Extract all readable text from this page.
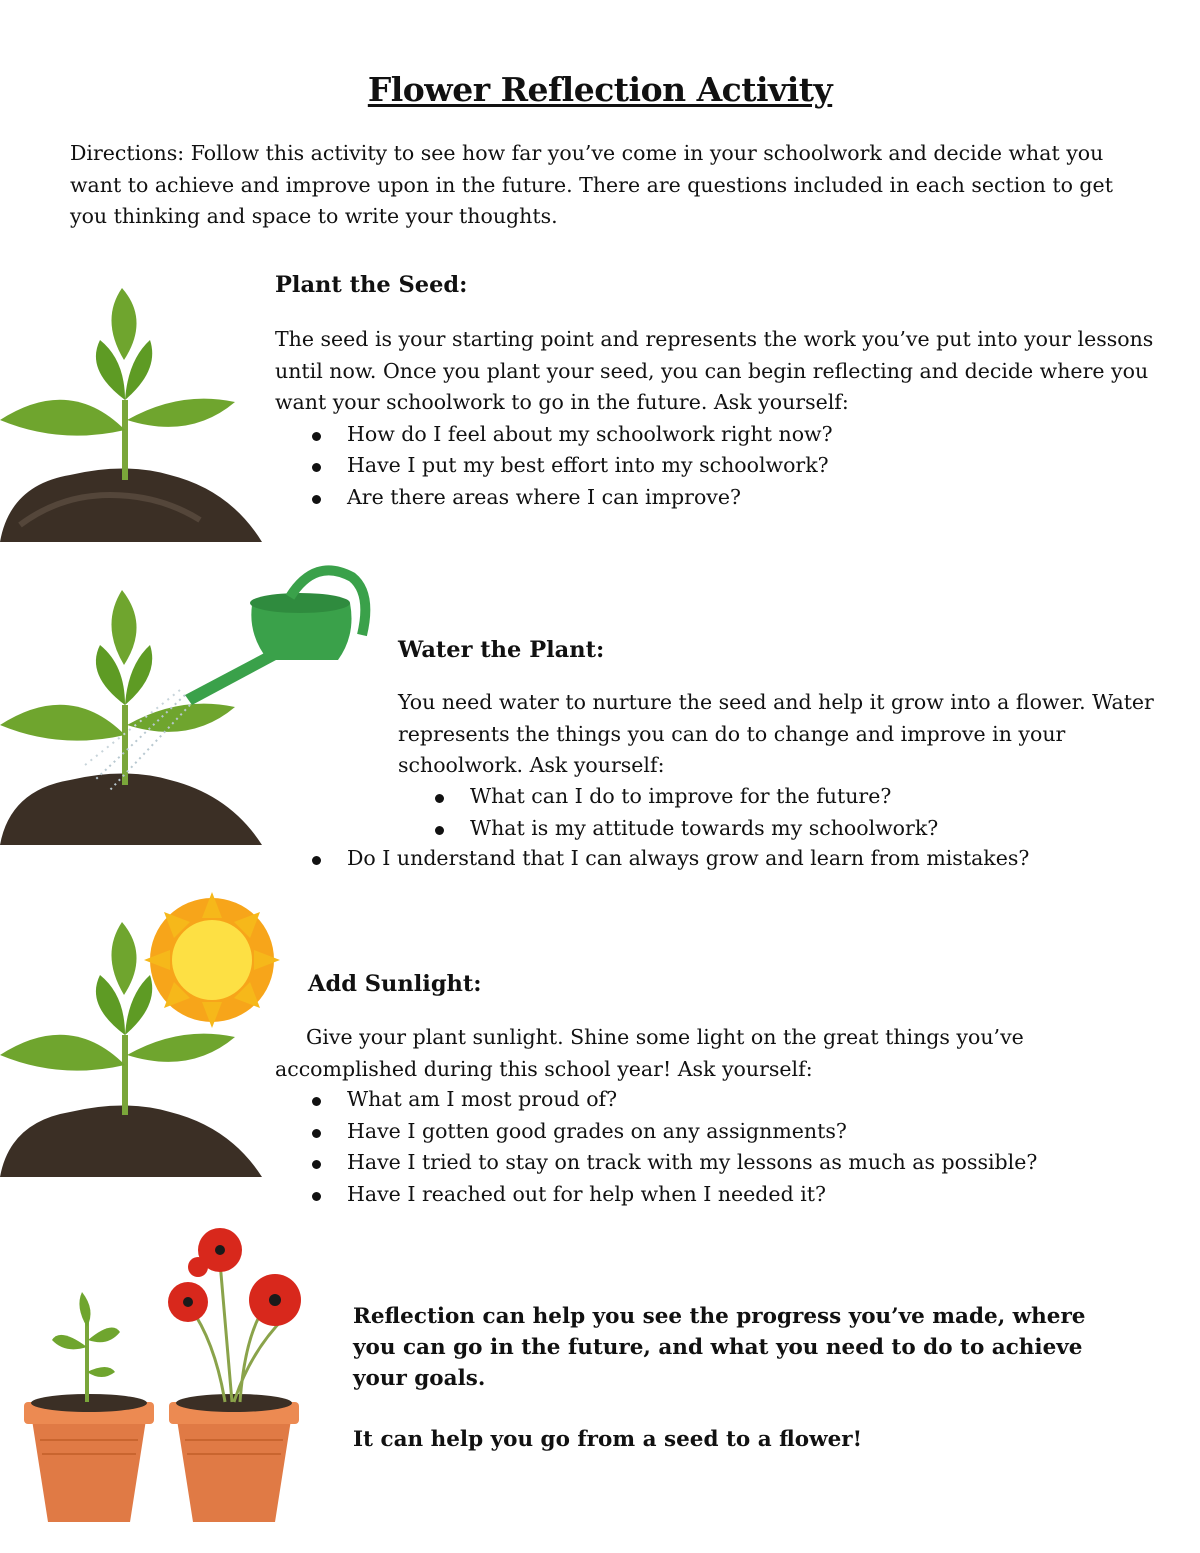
Flower Reflection Activity
Directions: Follow this activity to see how far you’ve come in your schoolwork and decide what you want to achieve and improve upon in the future. There are questions included in each section to get you thinking and space to write your thoughts.
Plant the Seed:
The seed is your starting point and represents the work you’ve put into your lessons until now. Once you plant your seed, you can begin reflecting and decide where you want your schoolwork to go in the future. Ask yourself:
How do I feel about my schoolwork right now?
Have I put my best effort into my schoolwork?
Are there areas where I can improve?
Water the Plant:
You need water to nurture the seed and help it grow into a flower. Water represents the things you can do to change and improve in your schoolwork. Ask yourself:
What can I do to improve for the future?
What is my attitude towards my schoolwork?
Do I understand that I can always grow and learn from mistakes?
Add Sunlight:
Give your plant sunlight. Shine some light on the great things you’ve accomplished during this school year! Ask yourself:
What am I most proud of?
Have I gotten good grades on any assignments?
Have I tried to stay on track with my lessons as much as possible?
Have I reached out for help when I needed it?
Reflection can help you see the progress you’ve made, where you can go in the future, and what you need to do to achieve your goals.
It can help you go from a seed to a flower!
